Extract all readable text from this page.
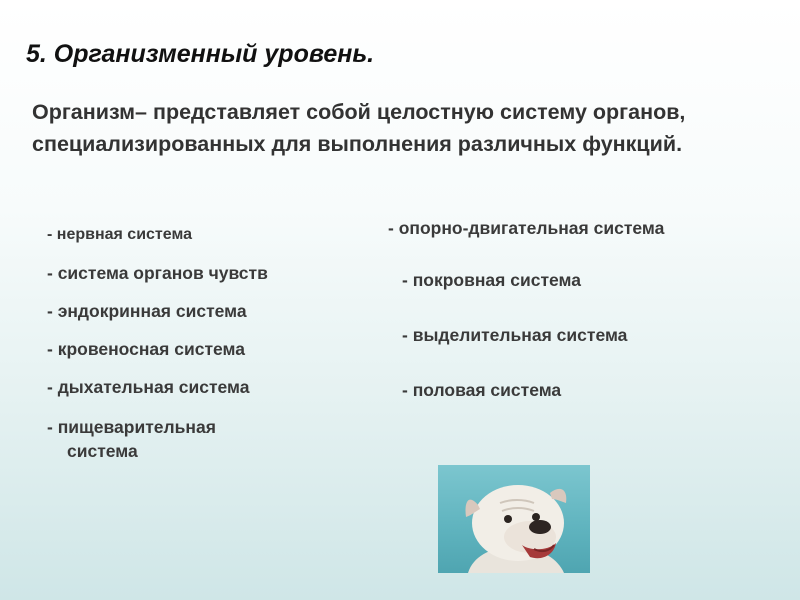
5. Организменный уровень.
Организм– представляет собой целостную систему органов, специализированных для выполнения различных функций.
- нервная система
- система органов чувств
- эндокринная система
- кровеносная система
- дыхательная система
- пищеварительная
система
- опорно-двигательная система
- покровная система
- выделительная система
- половая система
